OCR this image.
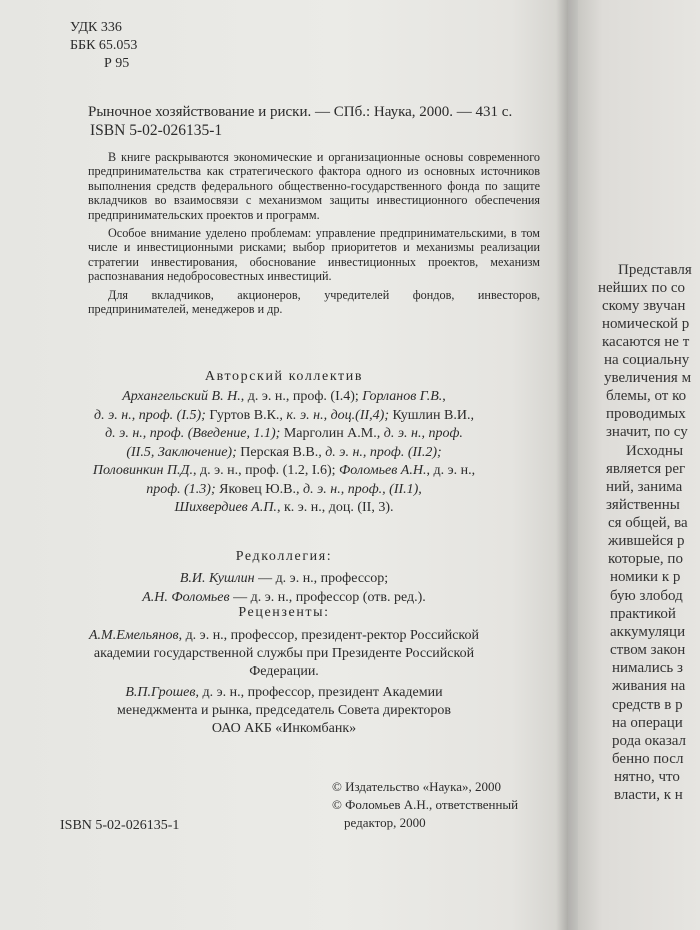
УДК 336
ББК 65.053
Р 95
Рыночное хозяйствование и риски. — СПб.: Наука, 2000. — 431 с.
ISBN 5-02-026135-1

В книге раскрываются экономические и организационные основы современного предпринимательства как стратегического фактора одного из основных источников выполнения средств федерального общественно-государственного фонда по защите вкладчиков во взаимосвязи с механизмом защиты инвестиционного обеспечения предпринимательских проектов и программ.

Особое внимание уделено проблемам: управление предпринимательскими, в том числе и инвестиционными рисками; выбор приоритетов и механизмы реализации стратегии инвестирования, обоснование инвестиционных проектов, механизм распознавания недобросовестных инвестиций.

Для вкладчиков, акционеров, учредителей фондов, инвесторов, предпринимателей, менеджеров и др.

Авторский коллектив
Архангельский В. Н., д. э. н., проф. (I.4); Горланов Г.В.,
д. э. н., проф. (I.5); Гуртов В.К., к. э. н., доц.(II,4); Кушлин В.И.,
д. э. н., проф. (Введение, 1.1); Марголин А.М., д. э. н., проф.
(II.5, Заключение); Перская В.В., д. э. н., проф. (II.2);
Половинкин П.Д., д. э. н., проф. (1.2, I.6); Фоломьев А.Н., д. э. н.,
проф. (1.3); Яковец Ю.В., д. э. н., проф., (II.1),
Шихвердиев А.П., к. э. н., доц. (II, 3).
Редколлегия:
В.И. Кушлин — д. э. н., профессор;
А.Н. Фоломьев — д. э. н., профессор (отв. ред.).
Рецензенты:
А.М.Емельянов, д. э. н., профессор, президент-ректор Российской
академии государственной службы при Президенте Российской
Федерации.
В.П.Грошев, д. э. н., профессор, президент Академии
менеджмента и рынка, председатель Совета директоров
ОАО АКБ «Инкомбанк»
© Издательство «Наука», 2000
© Фоломьев А.Н., ответственный
редактор, 2000
ISBN 5-02-026135-1
Представля
нейших по со
скому звучан
номической р
касаются не т
на социальну
увеличения м
блемы, от ко
проводимых
значит, по су
Исходны
является рег
ний, занима
зяйственны
ся общей, ва
жившейся р
которые, по
номики к р
бую злобод
практикой
аккумуляци
ством закон
нимались з
живания на
средств в р
на операци
рода оказал
бенно посл
нятно, что
власти, к н
